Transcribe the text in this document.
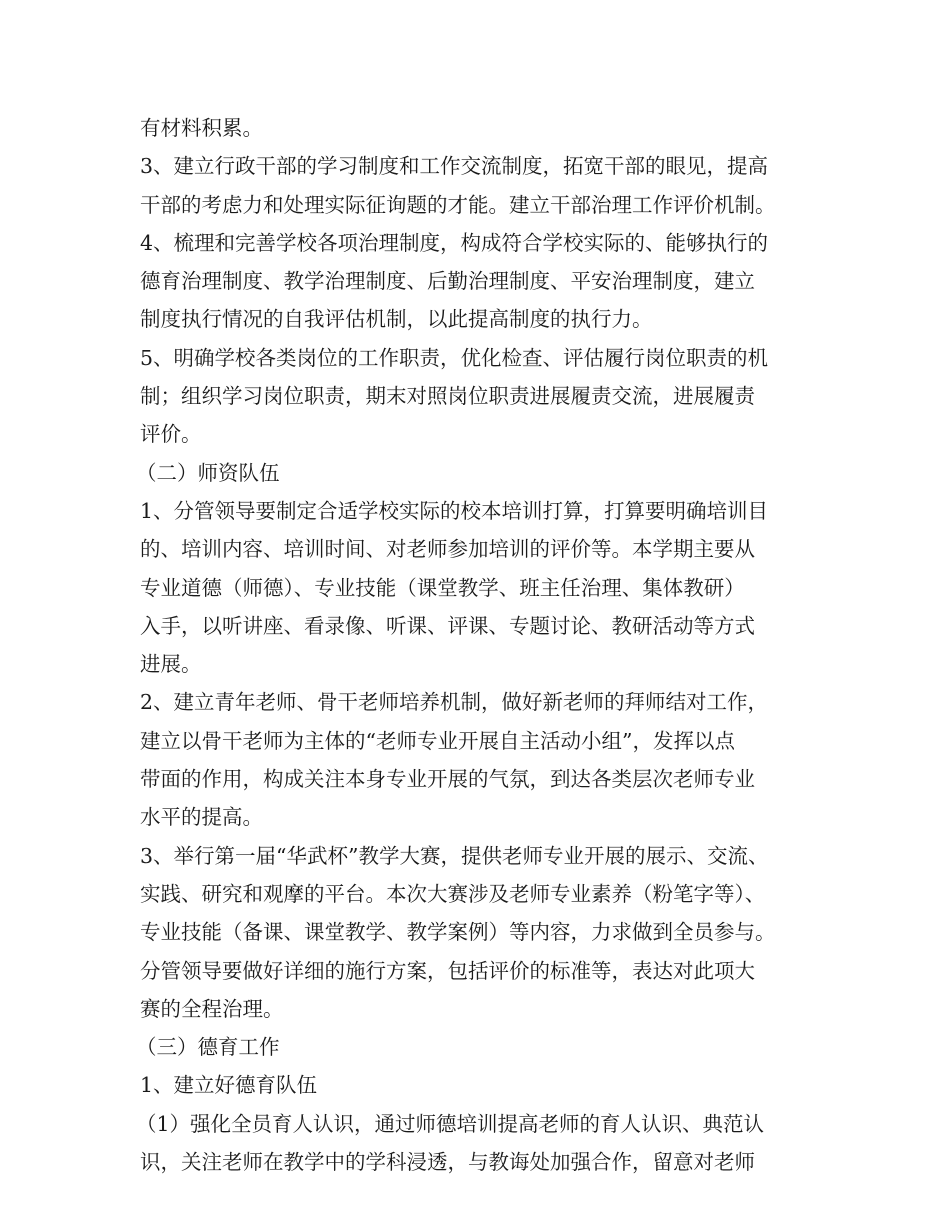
有材料积累。
3、建立行政干部的学习制度和工作交流制度，拓宽干部的眼见，提高
干部的考虑力和处理实际征询题的才能。建立干部治理工作评价机制。
4、梳理和完善学校各项治理制度，构成符合学校实际的、能够执行的
德育治理制度、教学治理制度、后勤治理制度、平安治理制度，建立
制度执行情况的自我评估机制，以此提高制度的执行力。
5、明确学校各类岗位的工作职责，优化检查、评估履行岗位职责的机
制；组织学习岗位职责，期末对照岗位职责进展履责交流，进展履责
评价。
（二）师资队伍
1、分管领导要制定合适学校实际的校本培训打算，打算要明确培训目
的、培训内容、培训时间、对老师参加培训的评价等。本学期主要从
专业道德（师德）、专业技能（课堂教学、班主任治理、集体教研）
入手，以听讲座、看录像、听课、评课、专题讨论、教研活动等方式
进展。
2、建立青年老师、骨干老师培养机制，做好新老师的拜师结对工作，
建立以骨干老师为主体的“老师专业开展自主活动小组”，发挥以点
带面的作用，构成关注本身专业开展的气氛，到达各类层次老师专业
水平的提高。
3、举行第一届“华武杯”教学大赛，提供老师专业开展的展示、交流、
实践、研究和观摩的平台。本次大赛涉及老师专业素养（粉笔字等）、
专业技能（备课、课堂教学、教学案例）等内容，力求做到全员参与。
分管领导要做好详细的施行方案，包括评价的标准等，表达对此项大
赛的全程治理。
（三）德育工作
1、建立好德育队伍
（1）强化全员育人认识，通过师德培训提高老师的育人认识、典范认
识，关注老师在教学中的学科浸透，与教诲处加强合作，留意对老师
